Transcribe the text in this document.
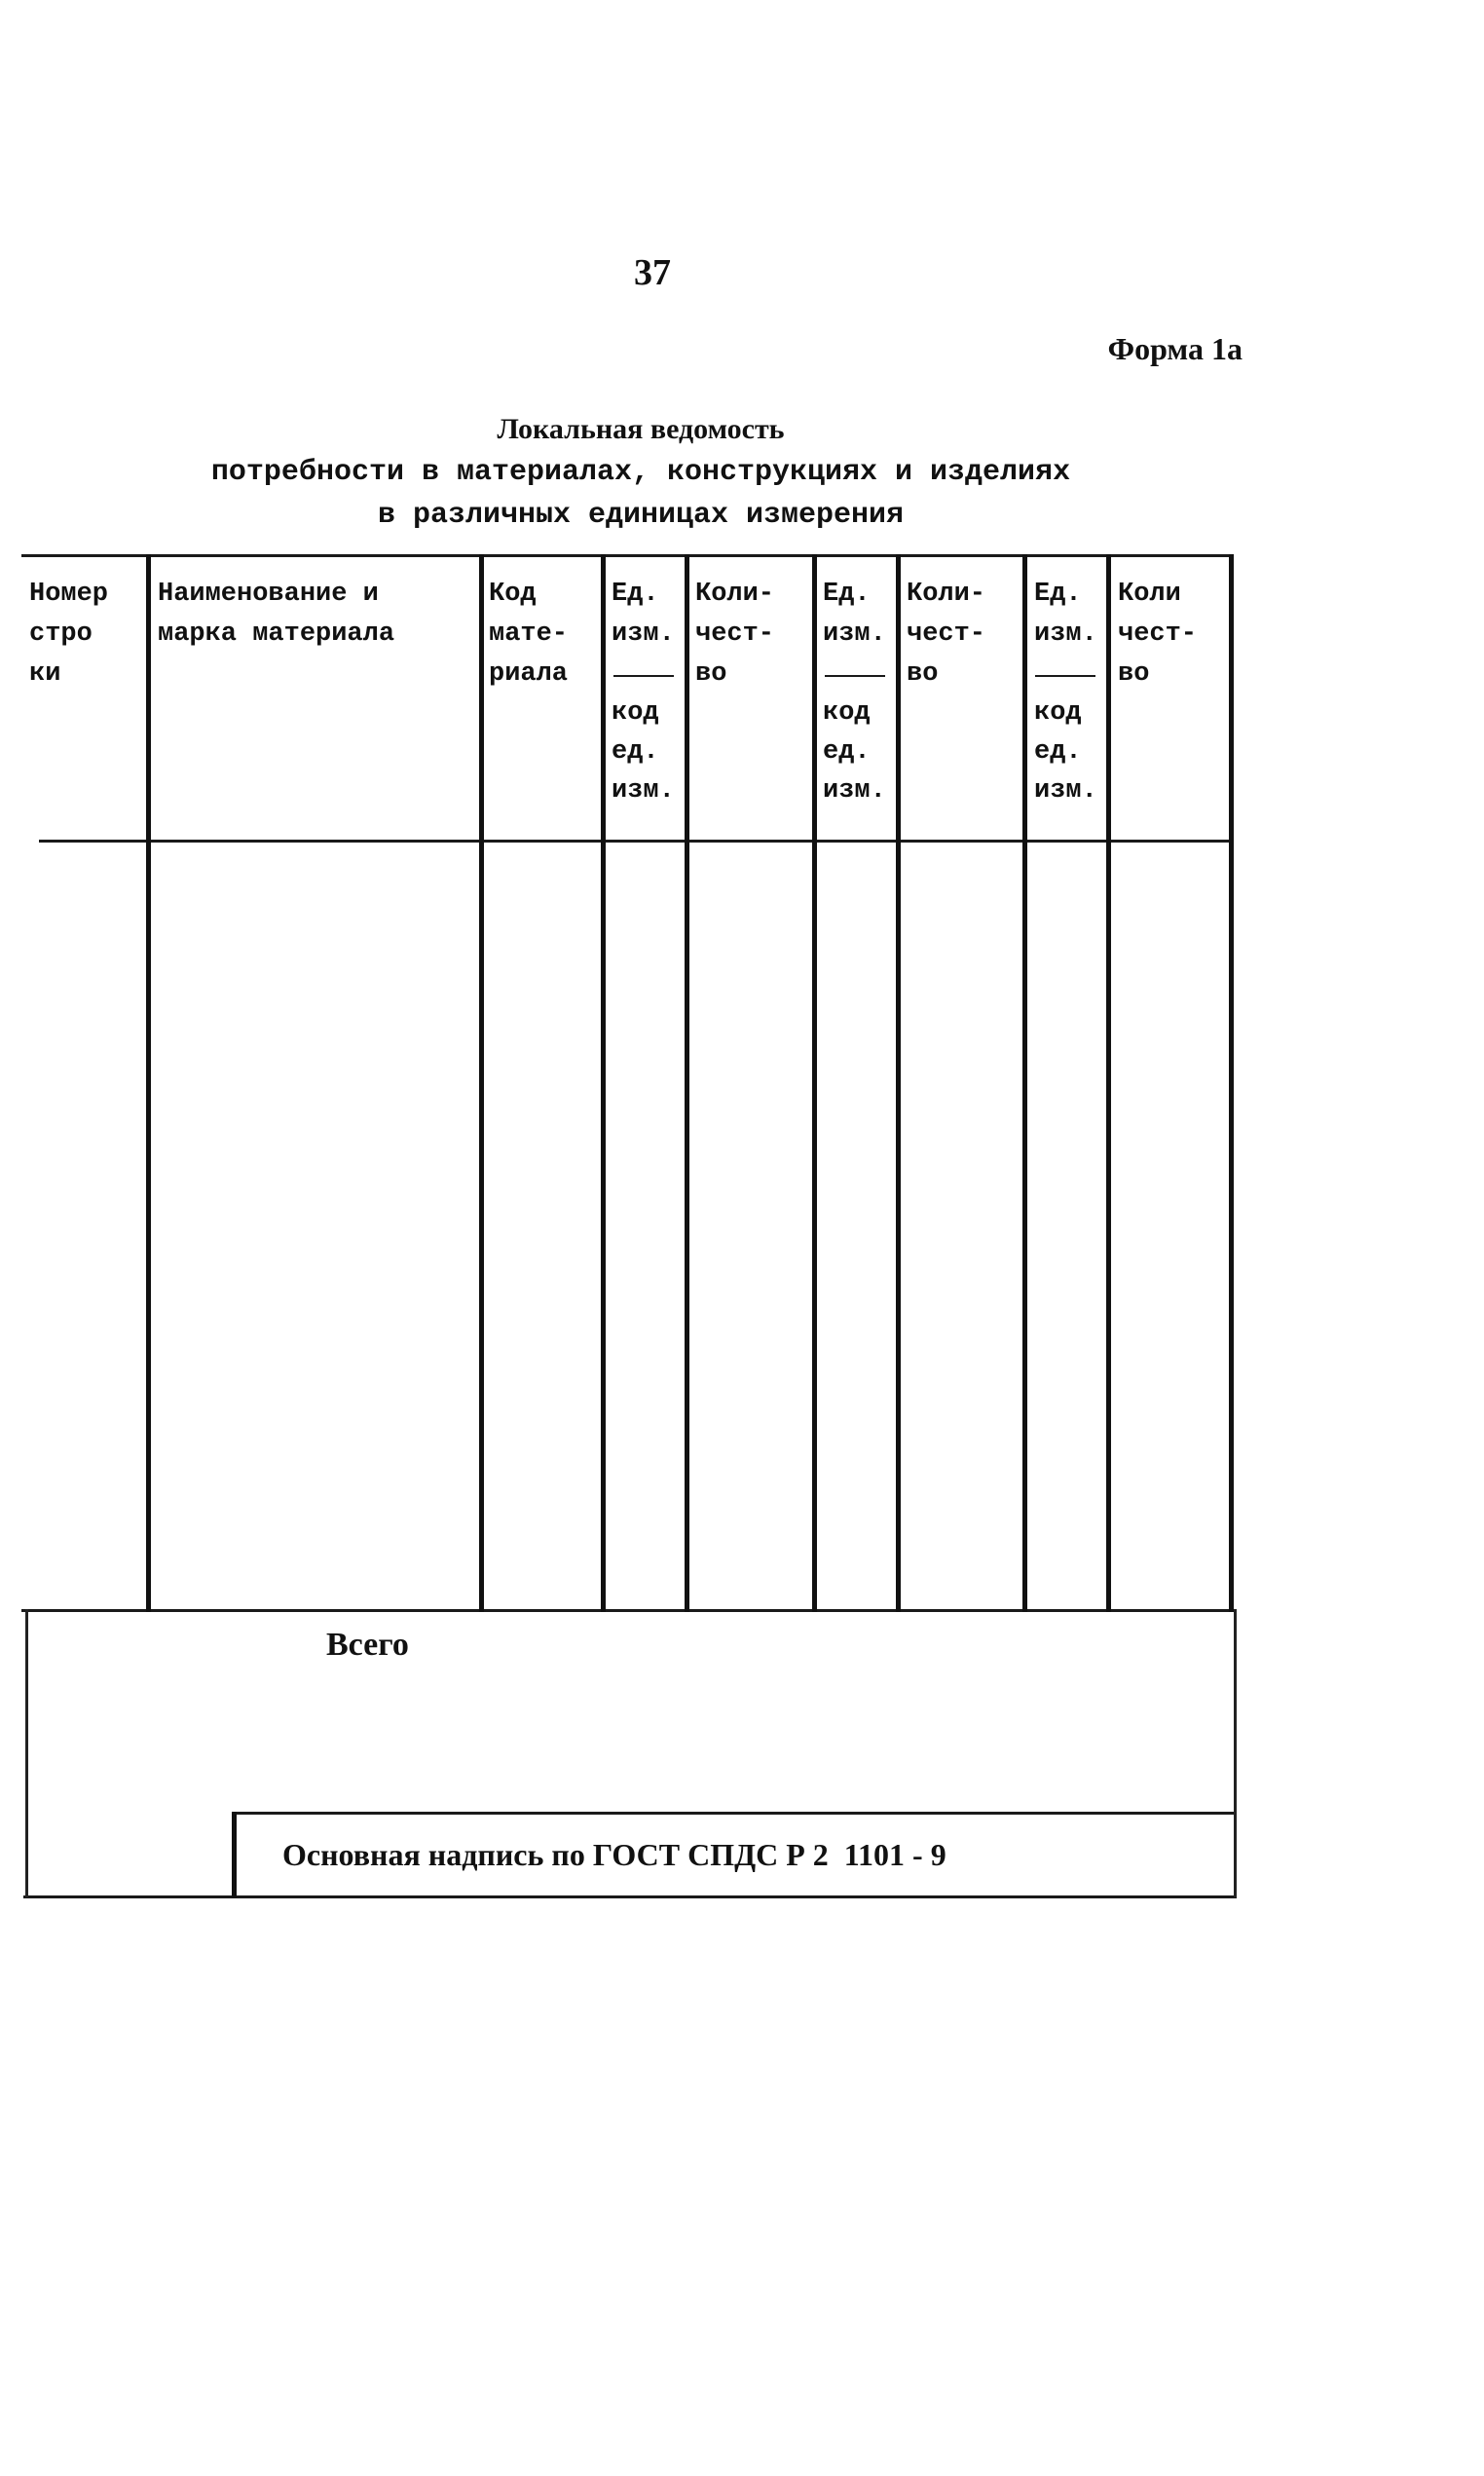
37
Форма 1а
Локальная ведомость
потребности в материалах, конструкциях и изделиях
в различных единицах измерения
Номер
стро
ки
Наименование и
марка материала
Код
мате-
риала
Ед.
изм.
код
ед.
изм.
Коли-
чест-
во
Ед.
изм.
код
ед.
изм.
Коли-
чест-
во
Ед.
изм.
код
ед.
изм.
Коли
чест-
во
Всего
Основная надпись по ГОСТ СПДС Р 2  1101 - 9
